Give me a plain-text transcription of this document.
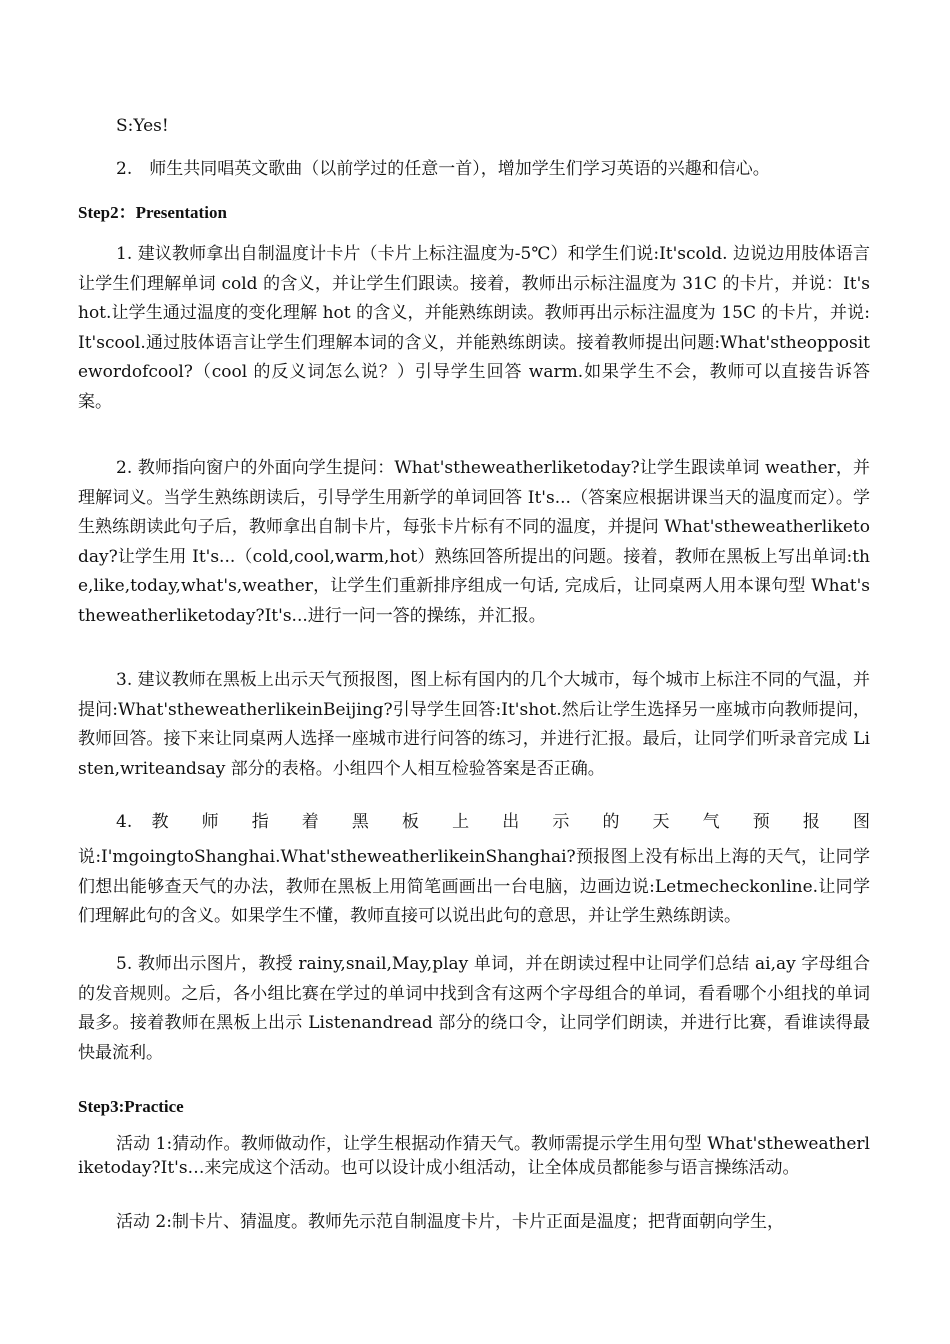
S:Yes!

2.　师生共同唱英文歌曲（以前学过的任意一首），增加学生们学习英语的兴趣和信心。

Step2：Presentation

1. 建议教师拿出自制温度计卡片（卡片上标注温度为-5℃）和学生们说:It'scold. 边说边用肢体语言让学生们理解单词 cold 的含义，并让学生们跟读。接着，教师出示标注温度为 31C 的卡片，并说：It'shot.让学生通过温度的变化理解 hot 的含义，并能熟练朗读。教师再出示标注温度为 15C 的卡片，并说:It'scool.通过肢体语言让学生们理解本词的含义，并能熟练朗读。接着教师提出问题:What'stheoppositewordofcool?（cool 的反义词怎么说？）引导学生回答 warm.如果学生不会，教师可以直接告诉答案。

2. 教师指向窗户的外面向学生提问：What'stheweatherliketoday?让学生跟读单词 weather，并理解词义。当学生熟练朗读后，引导学生用新学的单词回答 It's...（答案应根据讲课当天的温度而定）。学生熟练朗读此句子后，教师拿出自制卡片，每张卡片标有不同的温度，并提问 What'stheweatherliketoday?让学生用 It's...（cold,cool,warm,hot）熟练回答所提出的问题。接着，教师在黑板上写出单词:the,like,today,what's,weather，让学生们重新排序组成一句话, 完成后，让同桌两人用本课句型 What'stheweatherliketoday?It's...进行一问一答的操练，并汇报。

3. 建议教师在黑板上出示天气预报图，图上标有国内的几个大城市，每个城市上标注不同的气温，并提问:What'stheweatherlikeinBeijing?引导学生回答:It'shot.然后让学生选择另一座城市向教师提问，教师回答。接下来让同桌两人选择一座城市进行问答的练习，并进行汇报。最后，让同学们听录音完成 Listen,writeandsay 部分的表格。小组四个人相互检验答案是否正确。

4. 教 师 指 着 黑 板 上 出 示 的 天 气 预 报 图

说:I'mgoingtoShanghai.What'stheweatherlikeinShanghai?预报图上没有标出上海的天气，让同学们想出能够查天气的办法，教师在黑板上用简笔画画出一台电脑，边画边说:Letmecheckonline.让同学们理解此句的含义。如果学生不懂，教师直接可以说出此句的意思，并让学生熟练朗读。

5. 教师出示图片，教授 rainy,snail,May,play 单词，并在朗读过程中让同学们总结 ai,ay 字母组合的发音规则。之后，各小组比赛在学过的单词中找到含有这两个字母组合的单词，看看哪个小组找的单词最多。接着教师在黑板上出示 Listenandread 部分的绕口令，让同学们朗读，并进行比赛，看谁读得最快最流利。

Step3:Practice

活动 1:猜动作。教师做动作，让学生根据动作猜天气。教师需提示学生用句型 What'stheweatherliketoday?It's…来完成这个活动。也可以设计成小组活动，让全体成员都能参与语言操练活动。

活动 2:制卡片、猜温度。教师先示范自制温度卡片，卡片正面是温度；把背面朝向学生，
